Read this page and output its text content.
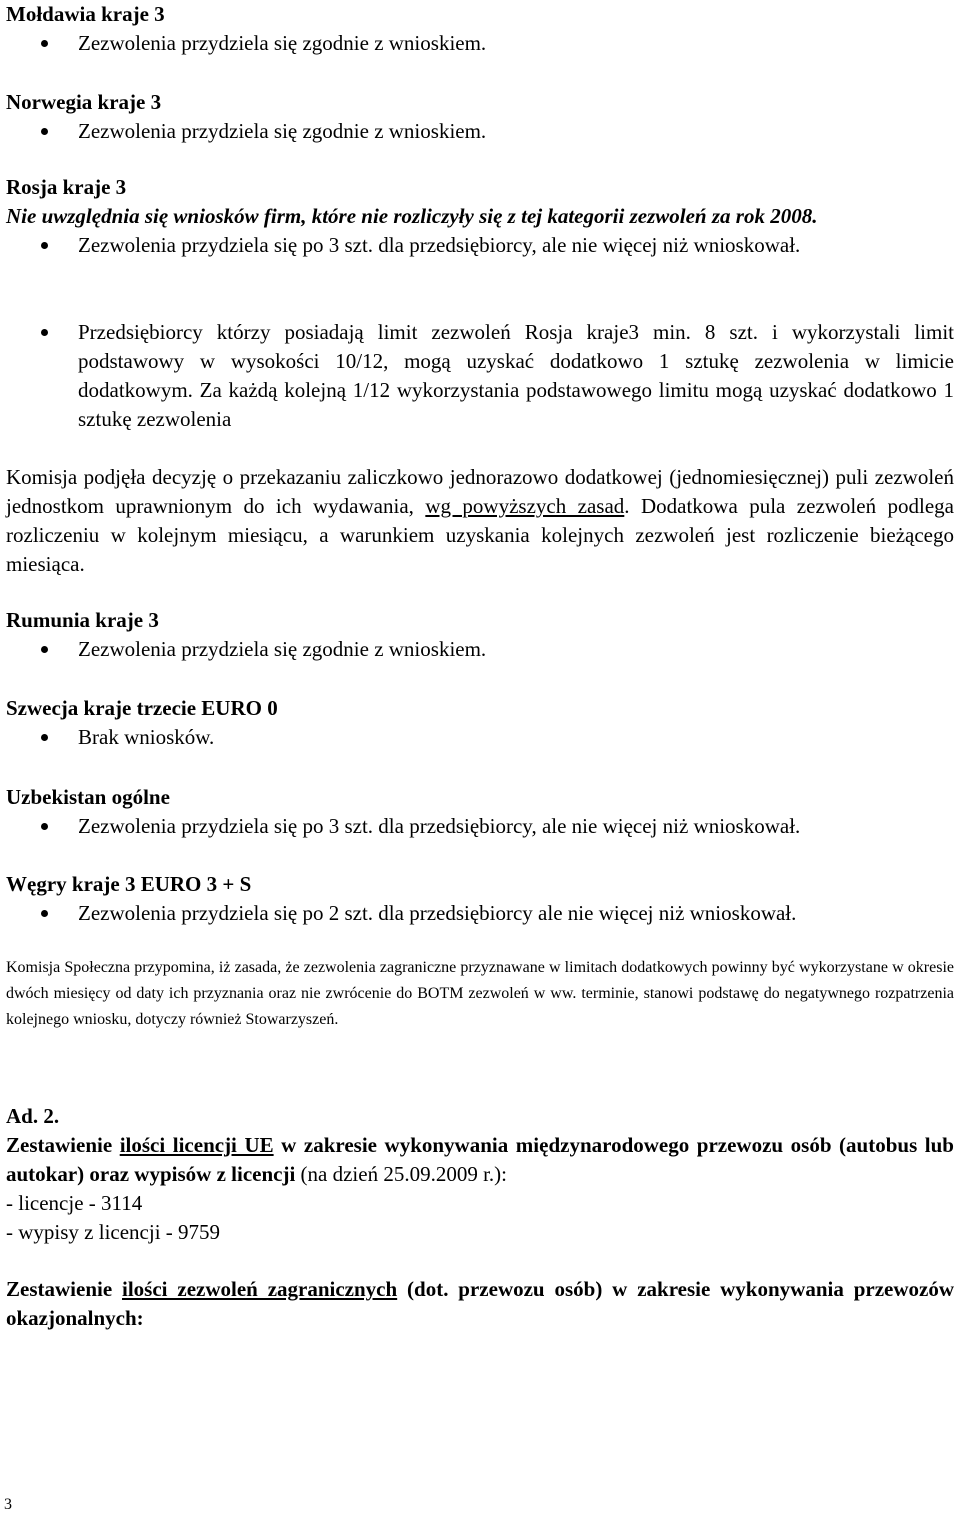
Mołdawia kraje 3

Zezwolenia przydziela się zgodnie z wnioskiem.

Norwegia kraje 3

Zezwolenia przydziela się zgodnie z wnioskiem.

Rosja kraje 3

Nie uwzględnia się wniosków firm, które nie rozliczyły się z tej kategorii zezwoleń za rok 2008.

Zezwolenia przydziela się po 3 szt. dla przedsiębiorcy, ale nie więcej niż wnioskował.
Przedsiębiorcy którzy posiadają limit zezwoleń Rosja kraje3 min. 8 szt. i wykorzystali limit podstawowy w wysokości 10/12, mogą uzyskać dodatkowo 1 sztukę zezwolenia w limicie dodatkowym. Za każdą kolejną 1/12 wykorzystania podstawowego limitu mogą uzyskać dodatkowo 1 sztukę zezwolenia
Komisja podjęła decyzję o przekazaniu zaliczkowo jednorazowo dodatkowej (jednomiesięcznej) puli zezwoleń jednostkom uprawnionym do ich wydawania, wg powyższych zasad. Dodatkowa pula zezwoleń podlega rozliczeniu w kolejnym miesiącu, a warunkiem uzyskania kolejnych zezwoleń jest rozliczenie bieżącego miesiąca.

Rumunia kraje 3

Zezwolenia przydziela się zgodnie z wnioskiem.

Szwecja kraje trzecie EURO 0

Brak wniosków.

Uzbekistan ogólne

Zezwolenia przydziela się po 3 szt. dla przedsiębiorcy, ale nie więcej niż wnioskował.

Węgry kraje 3 EURO 3 + S

Zezwolenia przydziela się po 2 szt. dla przedsiębiorcy ale nie więcej niż wnioskował.
Komisja Społeczna przypomina, iż zasada, że zezwolenia zagraniczne przyznawane w limitach dodatkowych powinny być wykorzystane w okresie dwóch miesięcy od daty ich przyznania oraz nie zwrócenie do BOTM zezwoleń w ww. terminie, stanowi podstawę do negatywnego rozpatrzenia kolejnego wniosku, dotyczy również Stowarzyszeń.

Ad. 2.

Zestawienie ilości licencji UE w zakresie wykonywania międzynarodowego przewozu osób (autobus lub autokar) oraz wypisów z licencji (na dzień 25.09.2009 r.):

- licencje - 3114

- wypisy z licencji - 9759

Zestawienie ilości zezwoleń zagranicznych (dot. przewozu osób) w zakresie wykonywania przewozów okazjonalnych:
3
